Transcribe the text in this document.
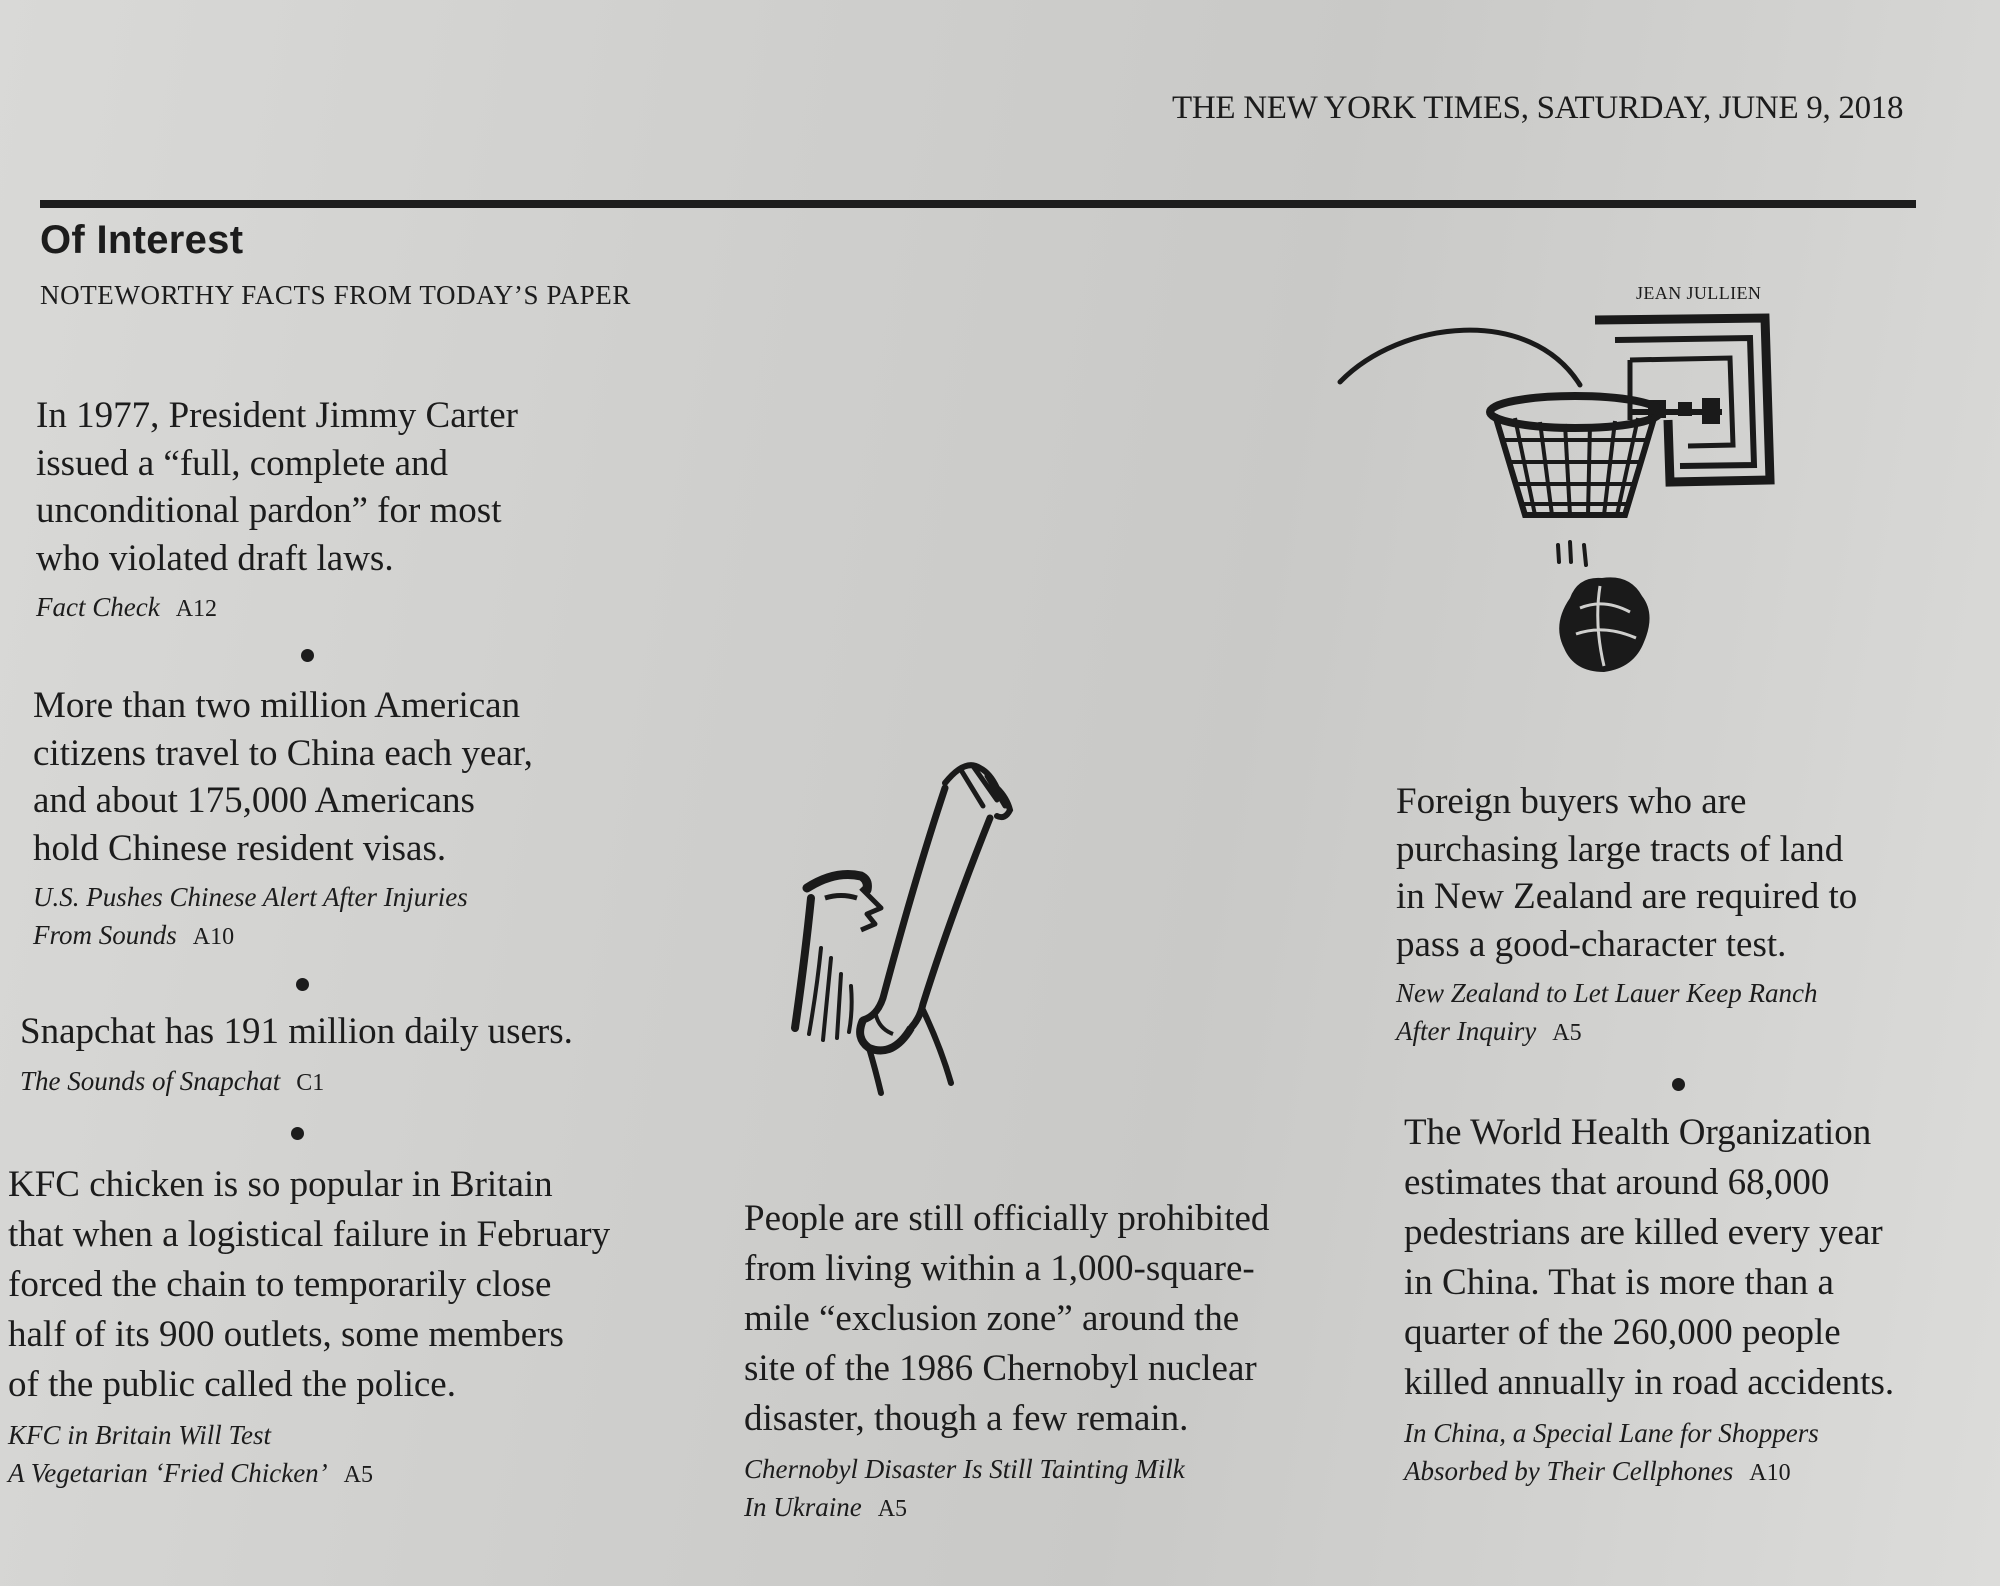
THE NEW YORK TIMES, SATURDAY, JUNE 9, 2018
Of Interest
NOTEWORTHY FACTS FROM TODAY’S PAPER	JEAN JULLIEN

In 1977, President Jimmy Carter
issued a “full, complete and
unconditional pardon” for most
who violated draft laws.

Fact Check A12

More than two million American
citizens travel to China each year,
and about 175,000 Americans
hold Chinese resident visas.

U.S. Pushes Chinese Alert After Injuries
From Sounds A10

Snapchat has 191 million daily users.

The Sounds of Snapchat C1

KFC chicken is so popular in Britain
that when a logistical failure in February
forced the chain to temporarily close
half of its 900 outlets, some members
of the public called the police.

KFC in Britain Will Test
A Vegetarian ‘Fried Chicken’ A5

People are still officially prohibited
from living within a 1,000-square-
mile “exclusion zone” around the
site of the 1986 Chernobyl nuclear
disaster, though a few remain.

Chernobyl Disaster Is Still Tainting Milk
In Ukraine A5

Foreign buyers who are
purchasing large tracts of land
in New Zealand are required to
pass a good-character test.

New Zealand to Let Lauer Keep Ranch
After Inquiry A5

The World Health Organization
estimates that around 68,000
pedestrians are killed every year
in China. That is more than a
quarter of the 260,000 people
killed annually in road accidents.

In China, a Special Lane for Shoppers
Absorbed by Their Cellphones A10
